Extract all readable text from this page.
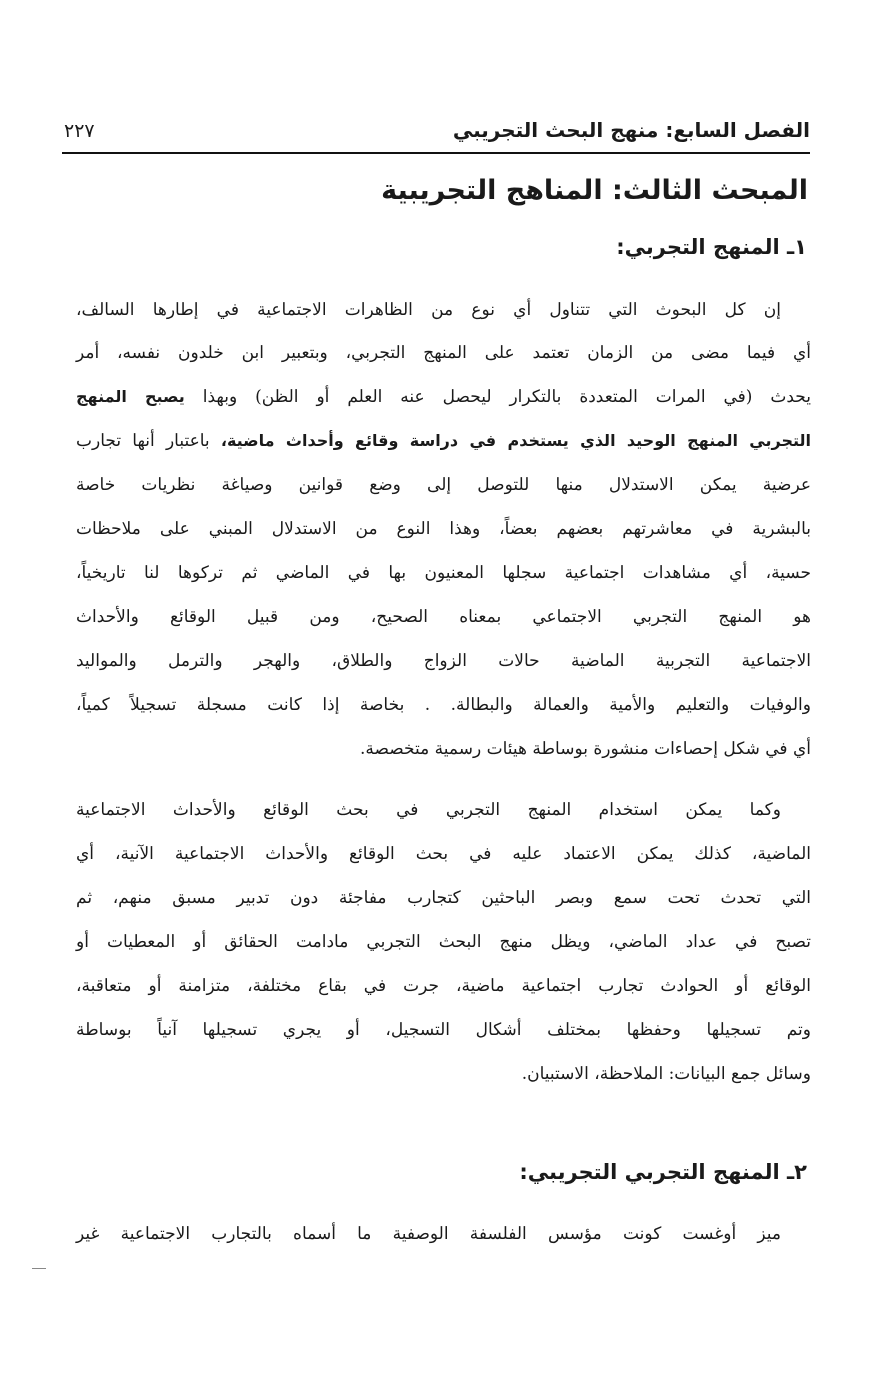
الفصل السابع: منهج البحث التجريبي
٢٢٧
المبحث الثالث: المناهج التجريبية
١ـ المنهج التجربي:
إن كل البحوث التي تتناول أي نوع من الظاهرات الاجتماعية في إطارها السالف،
أي فيما مضى من الزمان تعتمد على المنهج التجربي، وبتعبير ابن خلدون نفسه، أمر
يحدث (في المرات المتعددة بالتكرار ليحصل عنه العلم أو الظن) وبهذا يصبح المنهج
التجربي المنهج الوحيد الذي يستخدم في دراسة وقائع وأحداث ماضية، باعتبار أنها تجارب
عرضية يمكن الاستدلال منها للتوصل إلى وضع قوانين وصياغة نظريات خاصة
بالبشرية في معاشرتهم بعضهم بعضاً، وهذا النوع من الاستدلال المبني على ملاحظات
حسية، أي مشاهدات اجتماعية سجلها المعنيون بها في الماضي ثم تركوها لنا تاريخياً،
هو المنهج التجربي الاجتماعي بمعناه الصحيح، ومن قبيل الوقائع والأحداث
الاجتماعية التجربية الماضية حالات الزواج والطلاق، والهجر والترمل والمواليد
والوفيات والتعليم والأمية والعمالة والبطالة. . بخاصة إذا كانت مسجلة تسجيلاً كمياً،
أي في شكل إحصاءات منشورة بوساطة هيئات رسمية متخصصة.
وكما يمكن استخدام المنهج التجربي في بحث الوقائع والأحداث الاجتماعية
الماضية، كذلك يمكن الاعتماد عليه في بحث الوقائع والأحداث الاجتماعية الآنية، أي
التي تحدث تحت سمع وبصر الباحثين كتجارب مفاجئة دون تدبير مسبق منهم، ثم
تصبح في عداد الماضي، ويظل منهج البحث التجربي مادامت الحقائق أو المعطيات أو
الوقائع أو الحوادث تجارب اجتماعية ماضية، جرت في بقاع مختلفة، متزامنة أو متعاقبة،
وتم تسجيلها وحفظها بمختلف أشكال التسجيل، أو يجري تسجيلها آنياً بوساطة
وسائل جمع البيانات: الملاحظة، الاستبيان.
٢ـ المنهج التجربي التجريبي:
ميز أوغست كونت مؤسس الفلسفة الوصفية ما أسماه بالتجارب الاجتماعية غير
